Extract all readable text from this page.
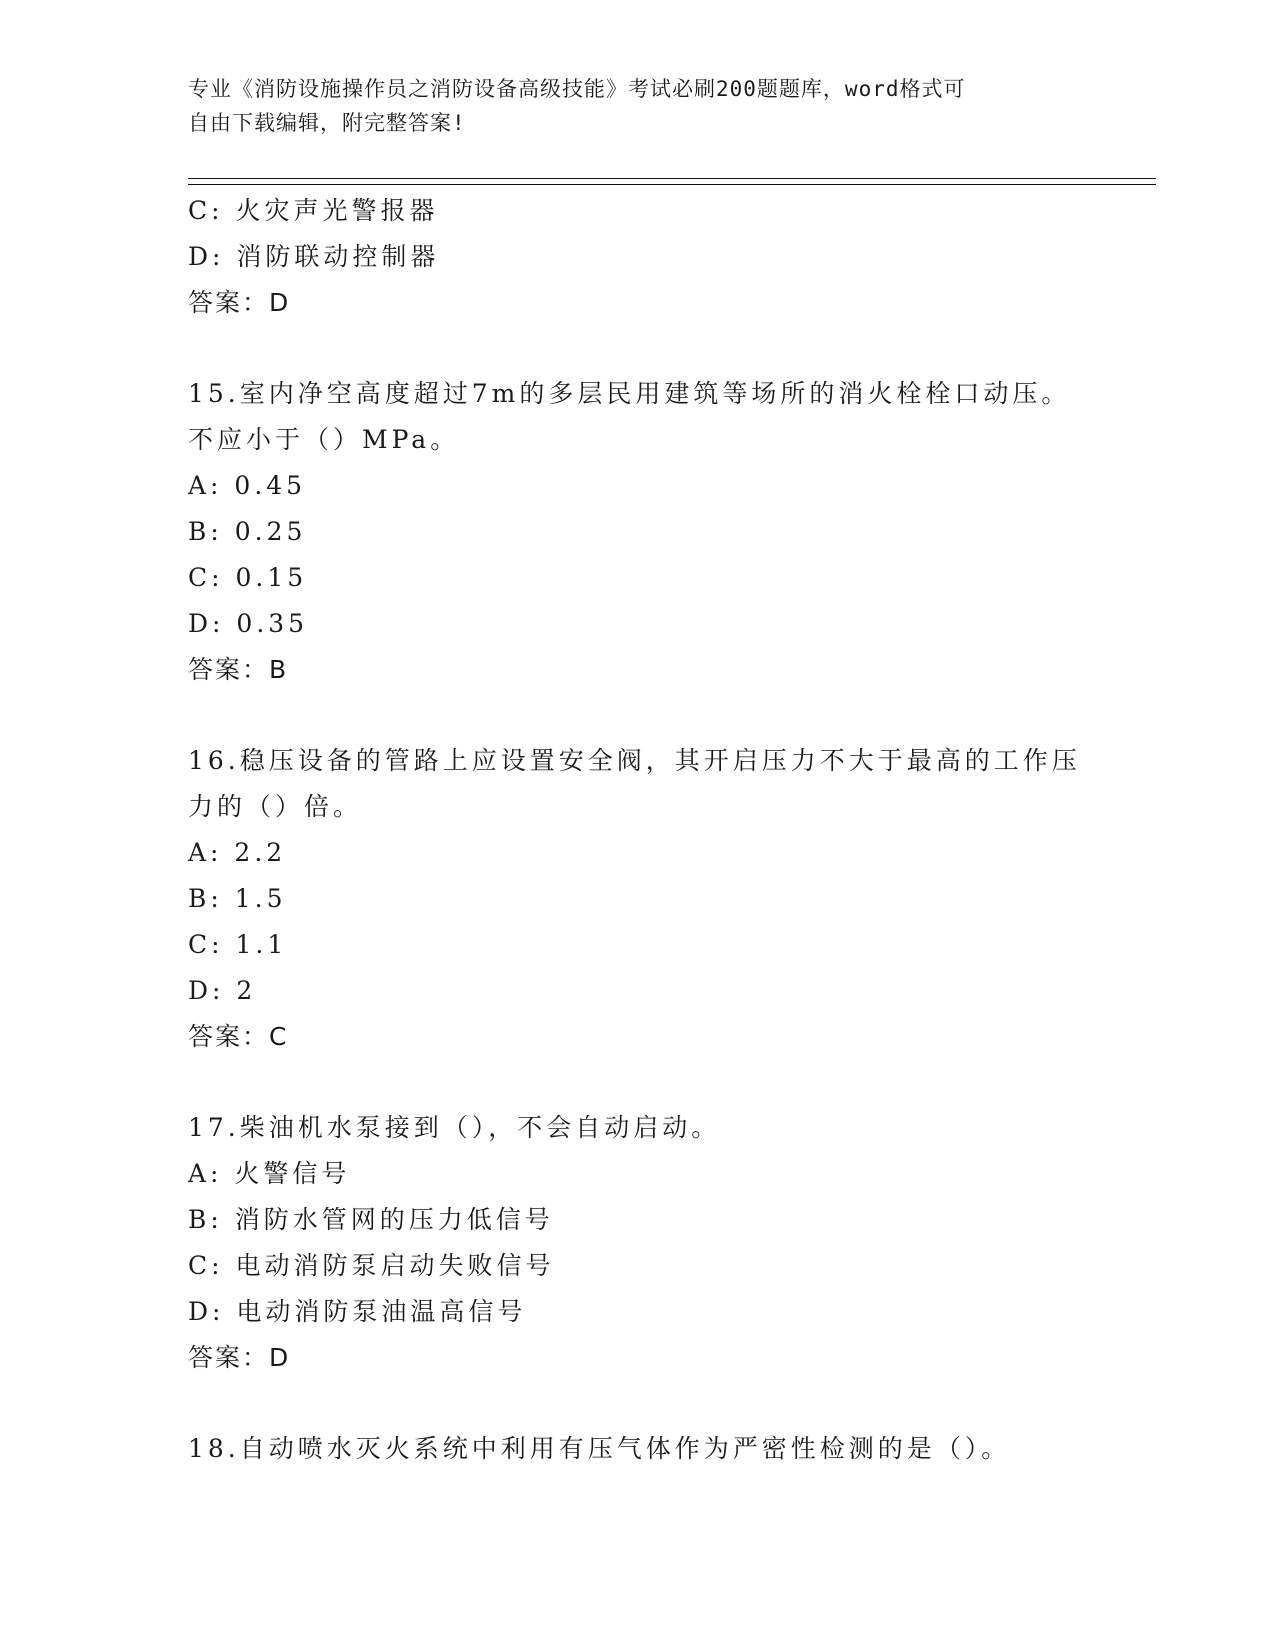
专业《消防设施操作员之消防设备高级技能》考试必刷200题题库，word格式可
自由下载编辑，附完整答案!
C: 火灾声光警报器
D: 消防联动控制器
答案：D
15.室内净空高度超过7m的多层民用建筑等场所的消火栓栓口动压。
不应小于（）MPa。
A: 0.45
B: 0.25
C: 0.15
D: 0.35
答案：B
16.稳压设备的管路上应设置安全阀，其开启压力不大于最高的工作压
力的（）倍。
A: 2.2
B: 1.5
C: 1.1
D: 2
答案：C
17.柴油机水泵接到（），不会自动启动。
A: 火警信号
B: 消防水管网的压力低信号
C: 电动消防泵启动失败信号
D: 电动消防泵油温高信号
答案：D
18.自动喷水灭火系统中利用有压气体作为严密性检测的是（）。
